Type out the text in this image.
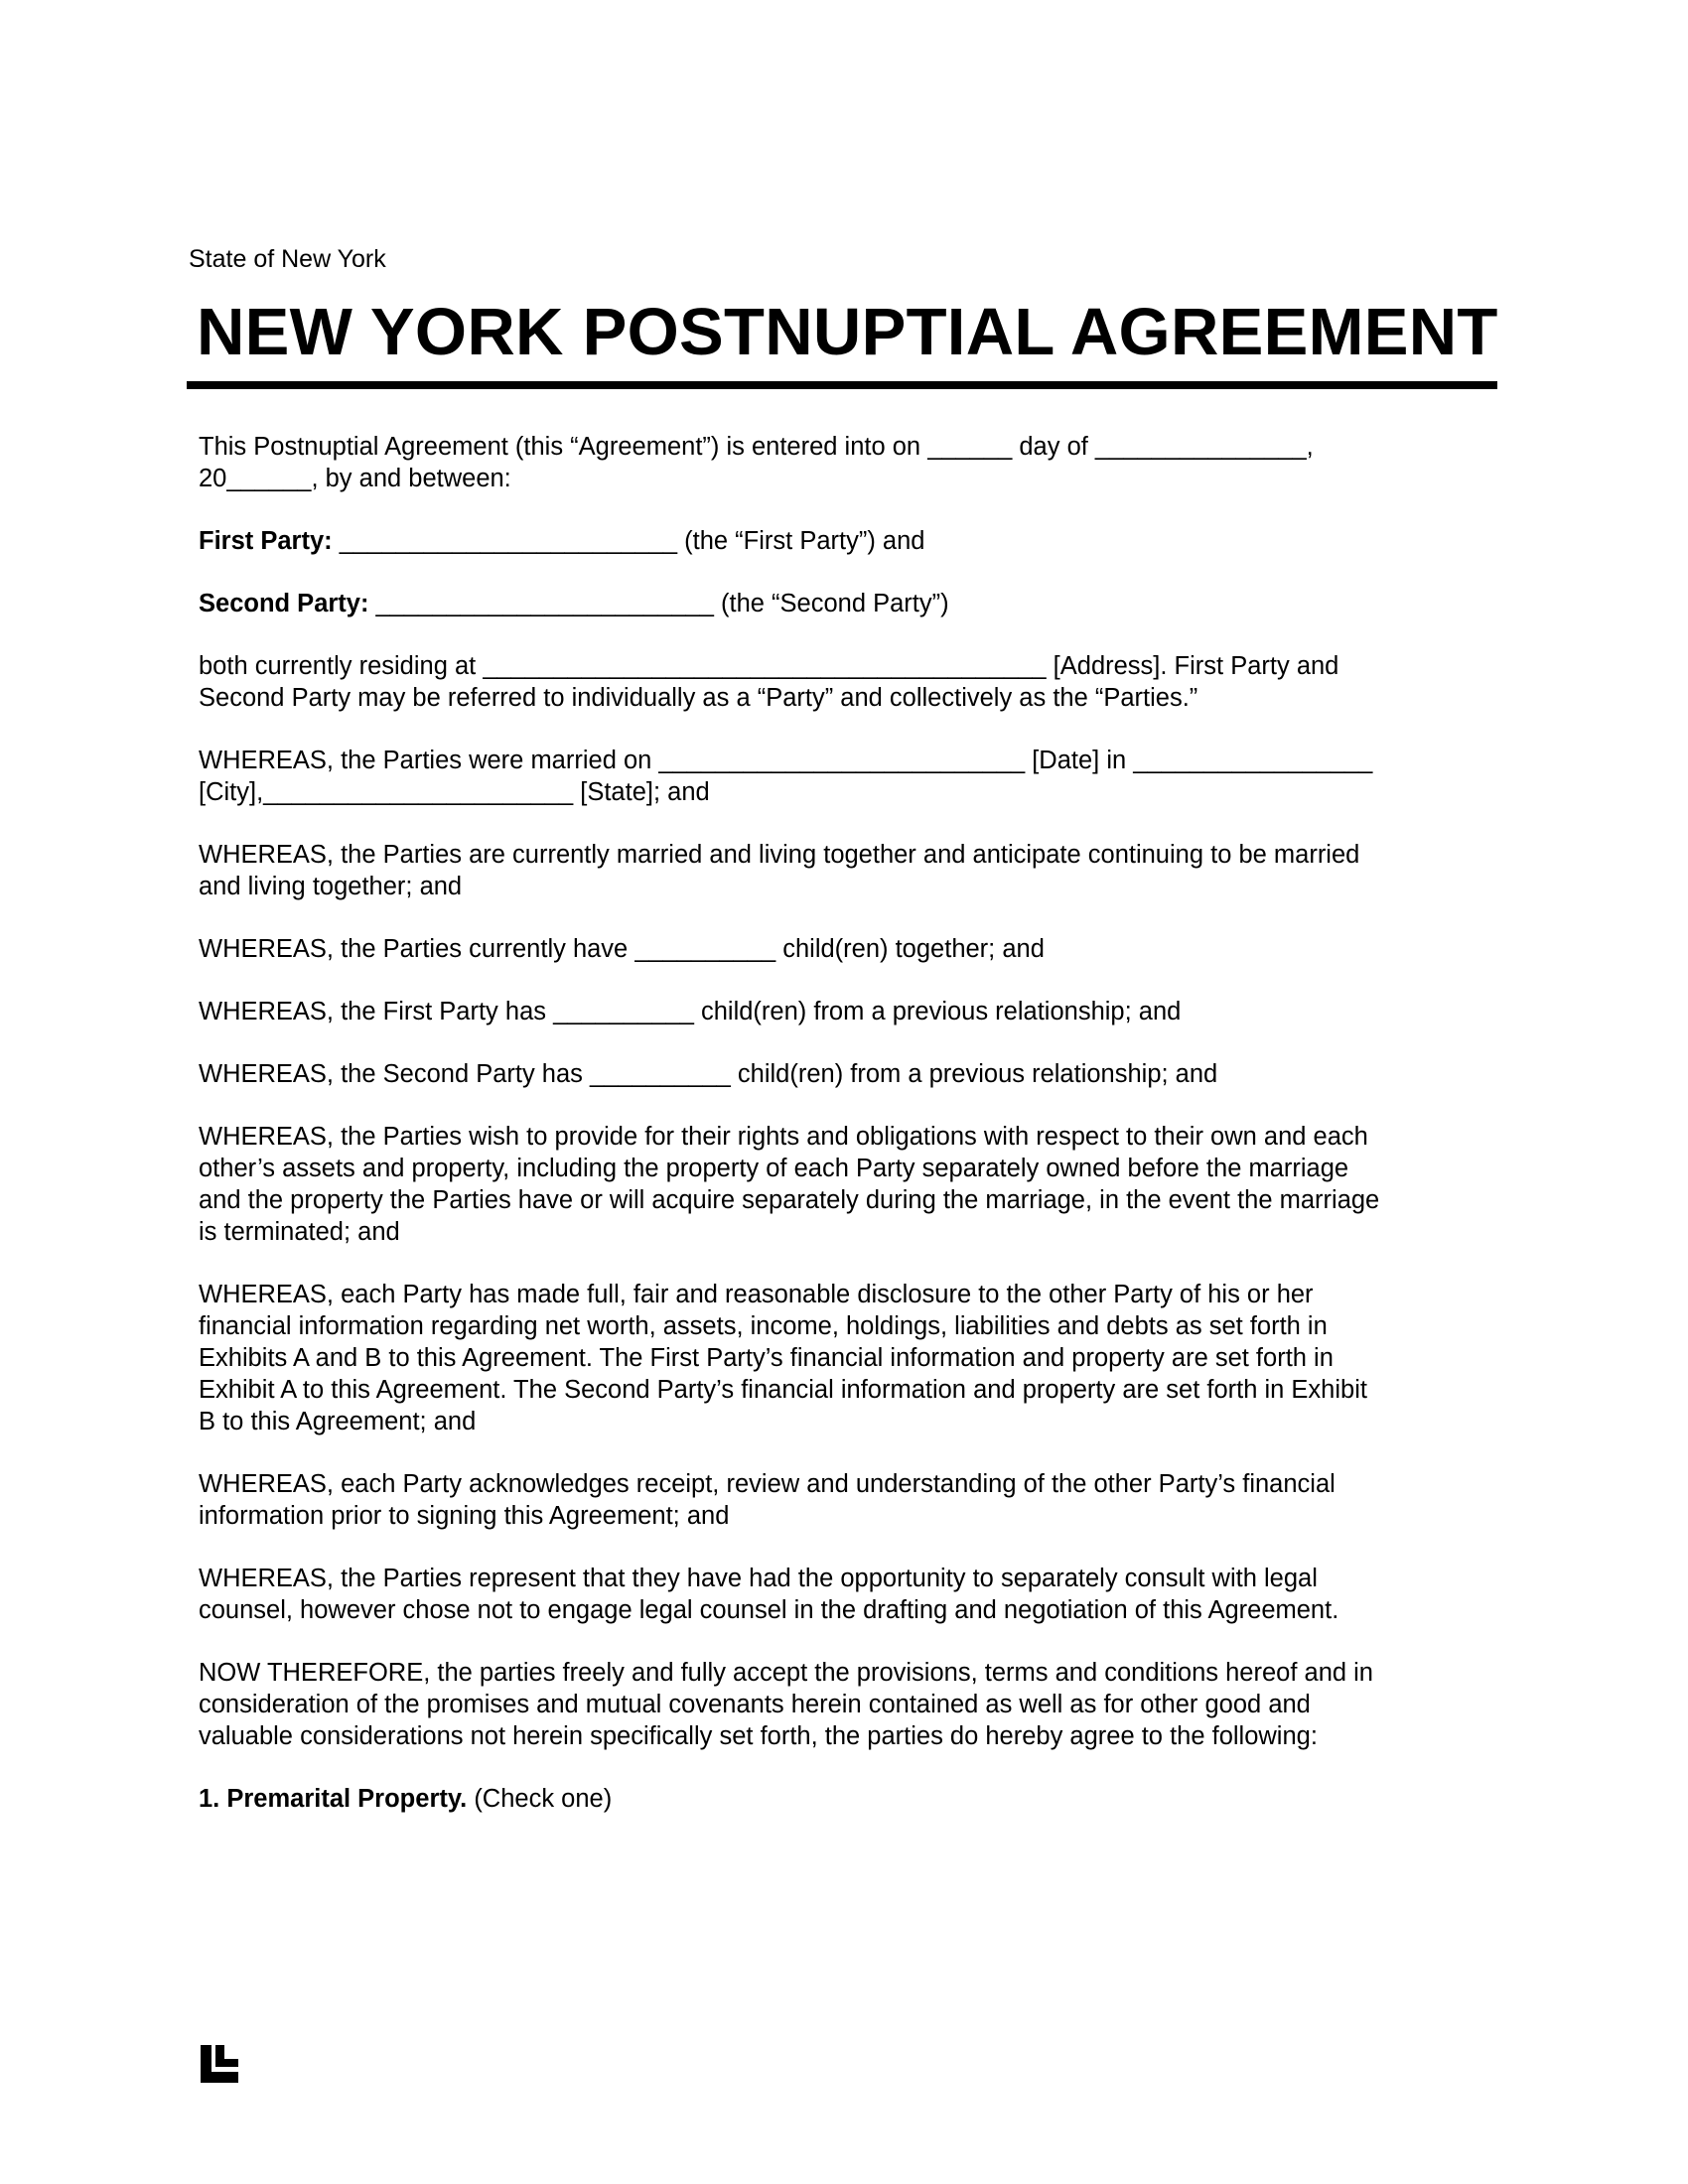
State of New York
NEW YORK POSTNUPTIAL AGREEMENT

This Postnuptial Agreement (this “Agreement”) is entered into on ______ day of _______________,
20______, by and between:

First Party: ________________________ (the “First Party”) and

Second Party: ________________________ (the “Second Party”)

both currently residing at ________________________________________ [Address]. First Party and
Second Party may be referred to individually as a “Party” and collectively as the “Parties.”

WHEREAS, the Parties were married on __________________________ [Date] in _________________
[City],______________________ [State]; and

WHEREAS, the Parties are currently married and living together and anticipate continuing to be married
and living together; and

WHEREAS, the Parties currently have __________ child(ren) together; and

WHEREAS, the First Party has __________ child(ren) from a previous relationship; and

WHEREAS, the Second Party has __________ child(ren) from a previous relationship; and

WHEREAS, the Parties wish to provide for their rights and obligations with respect to their own and each
other’s assets and property, including the property of each Party separately owned before the marriage
and the property the Parties have or will acquire separately during the marriage, in the event the marriage
is terminated; and

WHEREAS, each Party has made full, fair and reasonable disclosure to the other Party of his or her
financial information regarding net worth, assets, income, holdings, liabilities and debts as set forth in
Exhibits A and B to this Agreement. The First Party’s financial information and property are set forth in
Exhibit A to this Agreement. The Second Party’s financial information and property are set forth in Exhibit
B to this Agreement; and

WHEREAS, each Party acknowledges receipt, review and understanding of the other Party’s financial
information prior to signing this Agreement; and

WHEREAS, the Parties represent that they have had the opportunity to separately consult with legal
counsel, however chose not to engage legal counsel in the drafting and negotiation of this Agreement.

NOW THEREFORE, the parties freely and fully accept the provisions, terms and conditions hereof and in
consideration of the promises and mutual covenants herein contained as well as for other good and
valuable considerations not herein specifically set forth, the parties do hereby agree to the following:

1. Premarital Property. (Check one)
